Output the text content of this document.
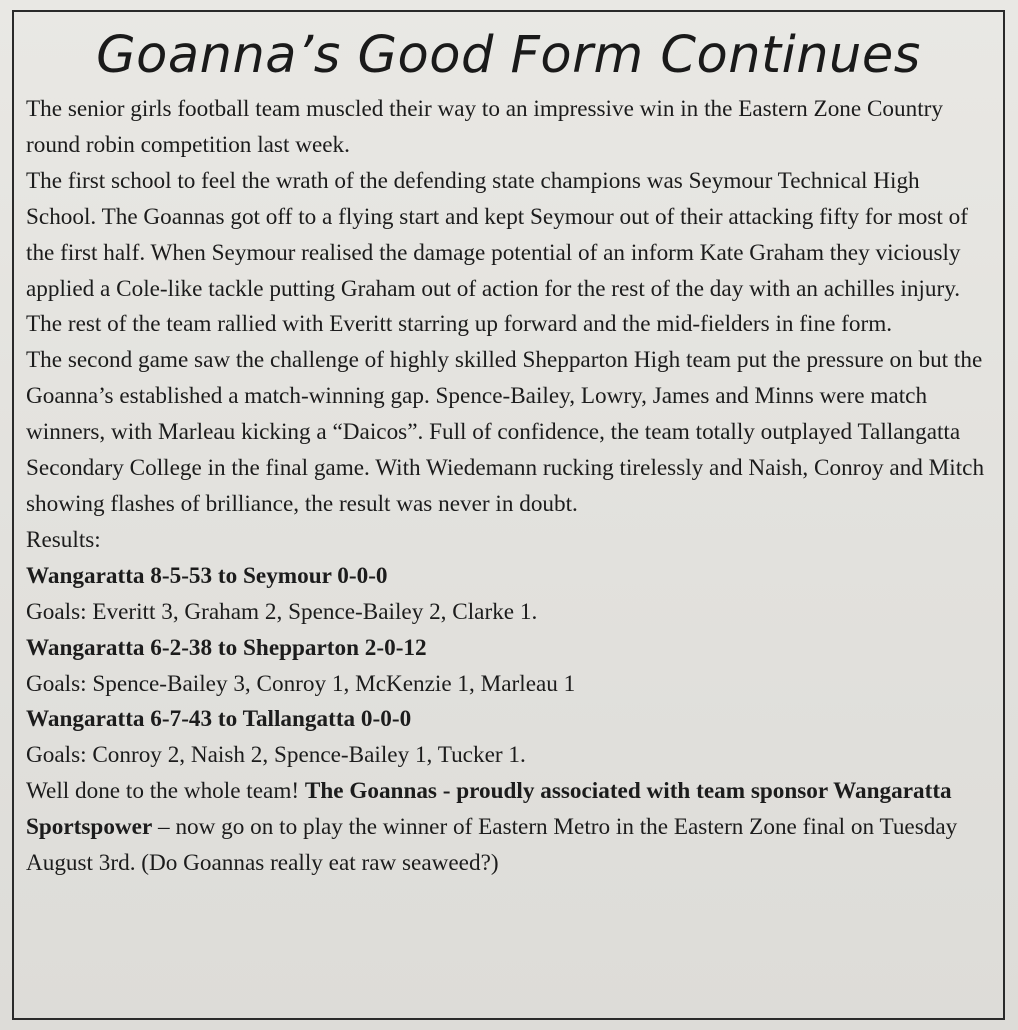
Goanna’s Good Form Continues

The senior girls football team muscled their way to an impressive win in the Eastern Zone Country round robin competition last week.

The first school to feel the wrath of the defending state champions was Seymour Technical High School. The Goannas got off to a flying start and kept Seymour out of their attacking fifty for most of the first half. When Seymour realised the damage potential of an inform Kate Graham they viciously applied a Cole-like tackle putting Graham out of action for the rest of the day with an achilles injury. The rest of the team rallied with Everitt starring up forward and the mid-fielders in fine form.

The second game saw the challenge of highly skilled Shepparton High team put the pressure on but the Goanna’s established a match-winning gap. Spence-Bailey, Lowry, James and Minns were match winners, with Marleau kicking a “Daicos”. Full of confidence, the team totally outplayed Tallangatta Secondary College in the final game. With Wiedemann rucking tirelessly and Naish, Conroy and Mitch showing flashes of brilliance, the result was never in doubt.

Results:

Wangaratta 8-5-53 to Seymour 0-0-0

Goals: Everitt 3, Graham 2, Spence-Bailey 2, Clarke 1.

Wangaratta 6-2-38 to Shepparton 2-0-12

Goals: Spence-Bailey 3, Conroy 1, McKenzie 1, Marleau 1

Wangaratta 6-7-43 to Tallangatta 0-0-0

Goals: Conroy 2, Naish 2, Spence-Bailey 1, Tucker 1.

Well done to the whole team! The Goannas - proudly associated with team sponsor Wangaratta Sportspower – now go on to play the winner of Eastern Metro in the Eastern Zone final on Tuesday August 3rd. (Do Goannas really eat raw seaweed?)
